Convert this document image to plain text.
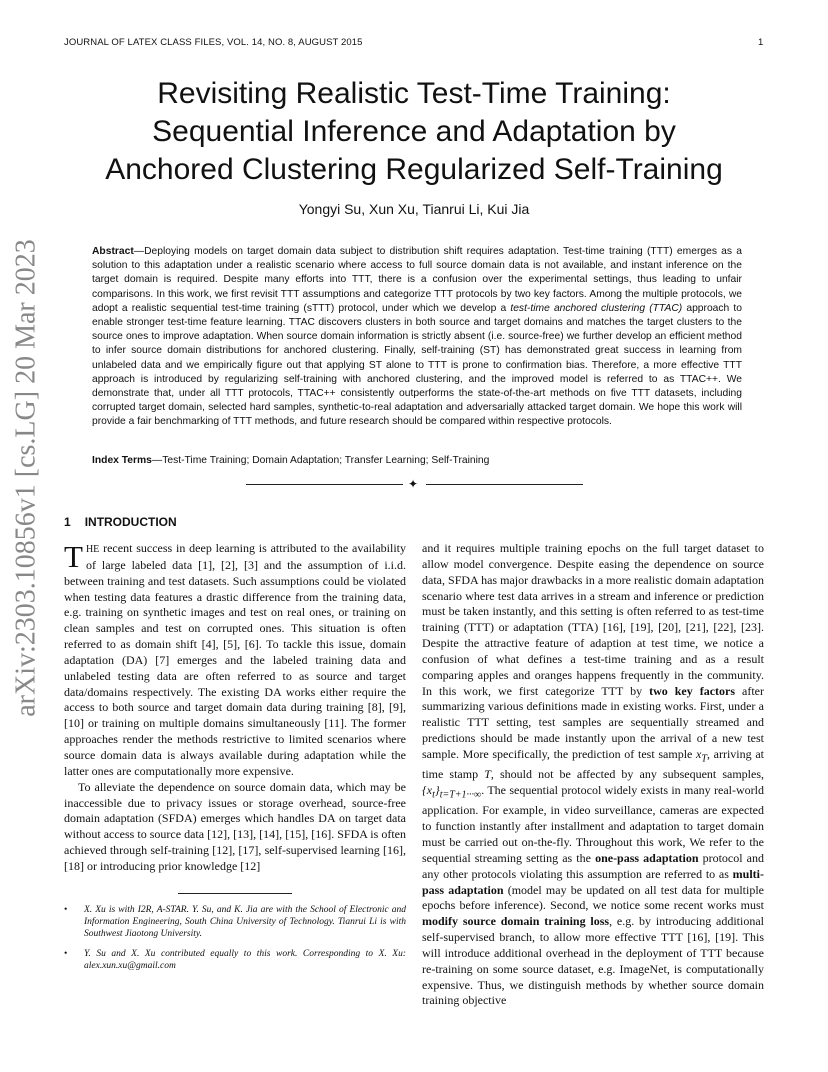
JOURNAL OF LATEX CLASS FILES, VOL. 14, NO. 8, AUGUST 2015	1
arXiv:2303.10856v1 [cs.LG] 20 Mar 2023
Revisiting Realistic Test-Time Training:
Sequential Inference and Adaptation by
Anchored Clustering Regularized Self-Training
Yongyi Su, Xun Xu, Tianrui Li, Kui Jia
Abstract—Deploying models on target domain data subject to distribution shift requires adaptation. Test-time training (TTT) emerges as a solution to this adaptation under a realistic scenario where access to full source domain data is not available, and instant inference on the target domain is required. Despite many efforts into TTT, there is a confusion over the experimental settings, thus leading to unfair comparisons. In this work, we first revisit TTT assumptions and categorize TTT protocols by two key factors. Among the multiple protocols, we adopt a realistic sequential test-time training (sTTT) protocol, under which we develop a test-time anchored clustering (TTAC) approach to enable stronger test-time feature learning. TTAC discovers clusters in both source and target domains and matches the target clusters to the source ones to improve adaptation. When source domain information is strictly absent (i.e. source-free) we further develop an efficient method to infer source domain distributions for anchored clustering. Finally, self-training (ST) has demonstrated great success in learning from unlabeled data and we empirically figure out that applying ST alone to TTT is prone to confirmation bias. Therefore, a more effective TTT approach is introduced by regularizing self-training with anchored clustering, and the improved model is referred to as TTAC++. We demonstrate that, under all TTT protocols, TTAC++ consistently outperforms the state-of-the-art methods on five TTT datasets, including corrupted target domain, selected hard samples, synthetic-to-real adaptation and adversarially attacked target domain. We hope this work will provide a fair benchmarking of TTT methods, and future research should be compared within respective protocols.
Index Terms—Test-Time Training; Domain Adaptation; Transfer Learning; Self-Training
✦
1 INTRODUCTION

THE recent success in deep learning is attributed to the availability of large labeled data [1], [2], [3] and the assumption of i.i.d. between training and test datasets. Such assumptions could be violated when testing data features a drastic difference from the training data, e.g. training on synthetic images and test on real ones, or training on clean samples and test on corrupted ones. This situation is often referred to as domain shift [4], [5], [6]. To tackle this issue, domain adaptation (DA) [7] emerges and the labeled training data and unlabeled testing data are often referred to as source and target data/domains respectively. The existing DA works either require the access to both source and target domain data during training [8], [9], [10] or training on multiple domains simultaneously [11]. The former approaches render the methods restrictive to limited scenarios where source domain data is always available during adaptation while the latter ones are computationally more expensive.

To alleviate the dependence on source domain data, which may be inaccessible due to privacy issues or storage overhead, source-free domain adaptation (SFDA) emerges which handles DA on target data without access to source data [12], [13], [14], [15], [16]. SFDA is often achieved through self-training [12], [17], self-supervised learning [16], [18] or introducing prior knowledge [12]

• X. Xu is with I2R, A-STAR. Y. Su, and K. Jia are with the School of Electronic and Information Engineering, South China University of Technology. Tianrui Li is with Southwest Jiaotong University.
• Y. Su and X. Xu contributed equally to this work. Corresponding to X. Xu: alex.xun.xu@gmail.com

and it requires multiple training epochs on the full target dataset to allow model convergence. Despite easing the dependence on source data, SFDA has major drawbacks in a more realistic domain adaptation scenario where test data arrives in a stream and inference or prediction must be taken instantly, and this setting is often referred to as test-time training (TTT) or adaptation (TTA) [16], [19], [20], [21], [22], [23]. Despite the attractive feature of adaption at test time, we notice a confusion of what defines a test-time training and as a result comparing apples and oranges happens frequently in the community. In this work, we first categorize TTT by two key factors after summarizing various definitions made in existing works. First, under a realistic TTT setting, test samples are sequentially streamed and predictions should be made instantly upon the arrival of a new test sample. More specifically, the prediction of test sample $x_T$, arriving at time stamp T, should not be affected by any subsequent samples, $\{x_t\}_{t=T+1\cdot\cdot\cdot\infty}$. The sequential protocol widely exists in many real-world application. For example, in video surveillance, cameras are expected to function instantly after installment and adaptation to target domain must be carried out on-the-fly. Throughout this work, We refer to the sequential streaming setting as the one-pass adaptation protocol and any other protocols violating this assumption are referred to as multi-pass adaptation (model may be updated on all test data for multiple epochs before inference). Second, we notice some recent works must modify source domain training loss, e.g. by introducing additional self-supervised branch, to allow more effective TTT [16], [19]. This will introduce additional overhead in the deployment of TTT because re-training on some source dataset, e.g. ImageNet, is computationally expensive. Thus, we distinguish methods by whether source domain training objective
